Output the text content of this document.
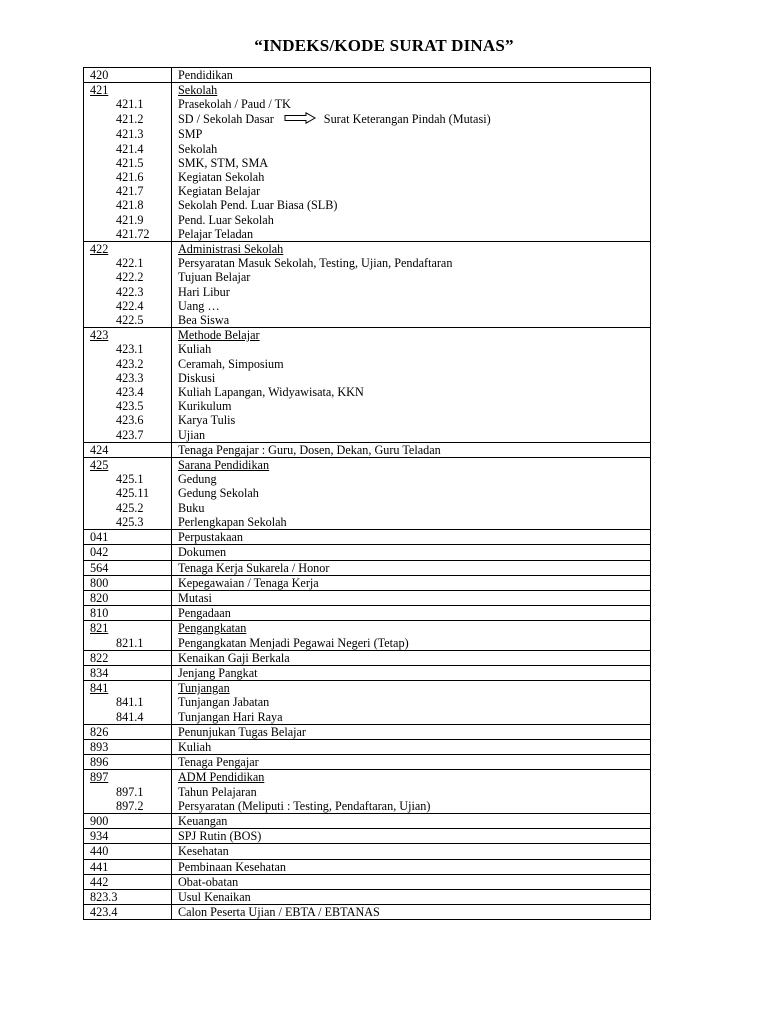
“INDEKS/KODE SURAT DINAS”
420	Pendidikan
421	Sekolah
421.1	Prasekolah / Paud / TK
421.2	SD / Sekolah Dasar Surat Keterangan Pindah (Mutasi)
421.3	SMP
421.4	Sekolah
421.5	SMK, STM, SMA
421.6	Kegiatan Sekolah
421.7	Kegiatan Belajar
421.8	Sekolah Pend. Luar Biasa (SLB)
421.9	Pend. Luar Sekolah
421.72	Pelajar Teladan
422	Administrasi Sekolah
422.1	Persyaratan Masuk Sekolah, Testing, Ujian, Pendaftaran
422.2	Tujuan Belajar
422.3	Hari Libur
422.4	Uang …
422.5	Bea Siswa
423	Methode Belajar
423.1	Kuliah
423.2	Ceramah, Simposium
423.3	Diskusi
423.4	Kuliah Lapangan, Widyawisata, KKN
423.5	Kurikulum
423.6	Karya Tulis
423.7	Ujian
424	Tenaga Pengajar : Guru, Dosen, Dekan, Guru Teladan
425	Sarana Pendidikan
425.1	Gedung
425.11	Gedung Sekolah
425.2	Buku
425.3	Perlengkapan Sekolah
041	Perpustakaan
042	Dokumen
564	Tenaga Kerja Sukarela / Honor
800	Kepegawaian / Tenaga Kerja
820	Mutasi
810	Pengadaan
821	Pengangkatan
821.1	Pengangkatan Menjadi Pegawai Negeri (Tetap)
822	Kenaikan Gaji Berkala
834	Jenjang Pangkat
841	Tunjangan
841.1	Tunjangan Jabatan
841.4	Tunjangan Hari Raya
826	Penunjukan Tugas Belajar
893	Kuliah
896	Tenaga Pengajar
897	ADM Pendidikan
897.1	Tahun Pelajaran
897.2	Persyaratan (Meliputi : Testing, Pendaftaran, Ujian)
900	Keuangan
934	SPJ Rutin (BOS)
440	Kesehatan
441	Pembinaan Kesehatan
442	Obat-obatan
823.3	Usul Kenaikan
423.4	Calon Peserta Ujian / EBTA / EBTANAS
